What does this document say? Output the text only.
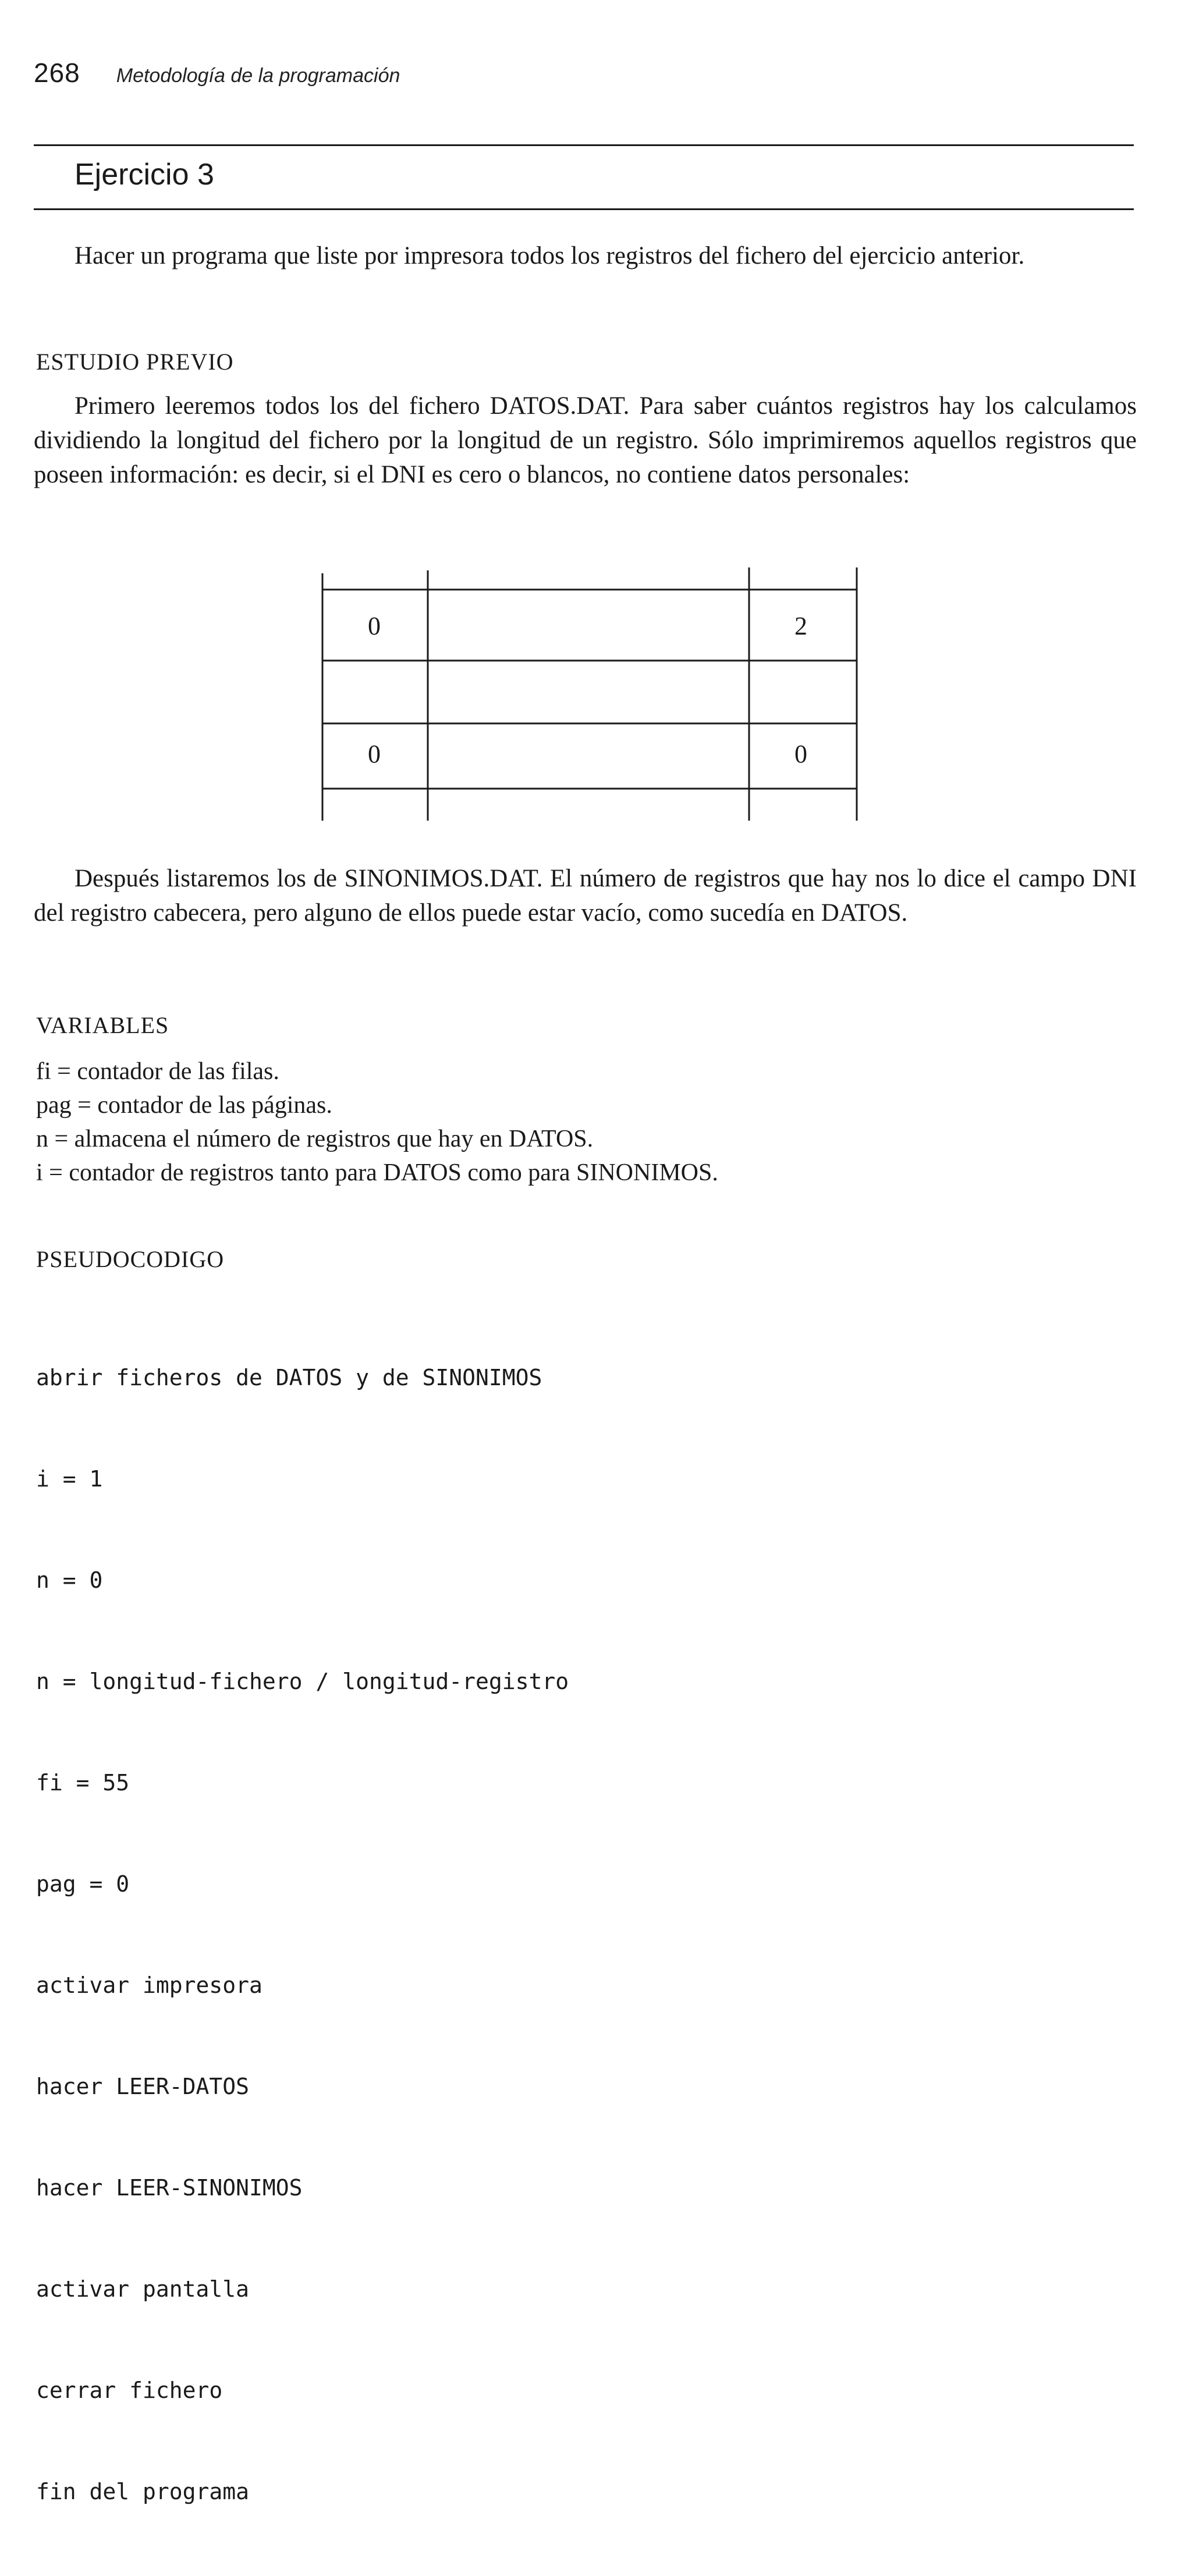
268 Metodología de la programación
Ejercicio 3
Hacer un programa que liste por impresora todos los registros del fichero del ejercicio anterior.
ESTUDIO PREVIO
Primero leeremos todos los del fichero DATOS.DAT. Para saber cuántos registros hay los calculamos dividiendo la longitud del fichero por la longitud de un registro. Sólo imprimiremos aquellos registros que poseen información: es decir, si el DNI es cero o blancos, no contiene datos personales:
0	2
0	0
Después listaremos los de SINONIMOS.DAT. El número de registros que hay nos lo dice el campo DNI del registro cabecera, pero alguno de ellos puede estar vacío, como sucedía en DATOS.
VARIABLES
fi = contador de las filas.
pag = contador de las páginas.
n = almacena el número de registros que hay en DATOS.
i = contador de registros tanto para DATOS como para SINONIMOS.
PSEUDOCODIGO

abrir ficheros de DATOS y de SINONIMOS

i = 1

n = 0

n = longitud-fichero / longitud-registro

fi = 55

pag = 0

activar impresora

hacer LEER-DATOS

hacer LEER-SINONIMOS

activar pantalla

cerrar fichero

fin del programa
